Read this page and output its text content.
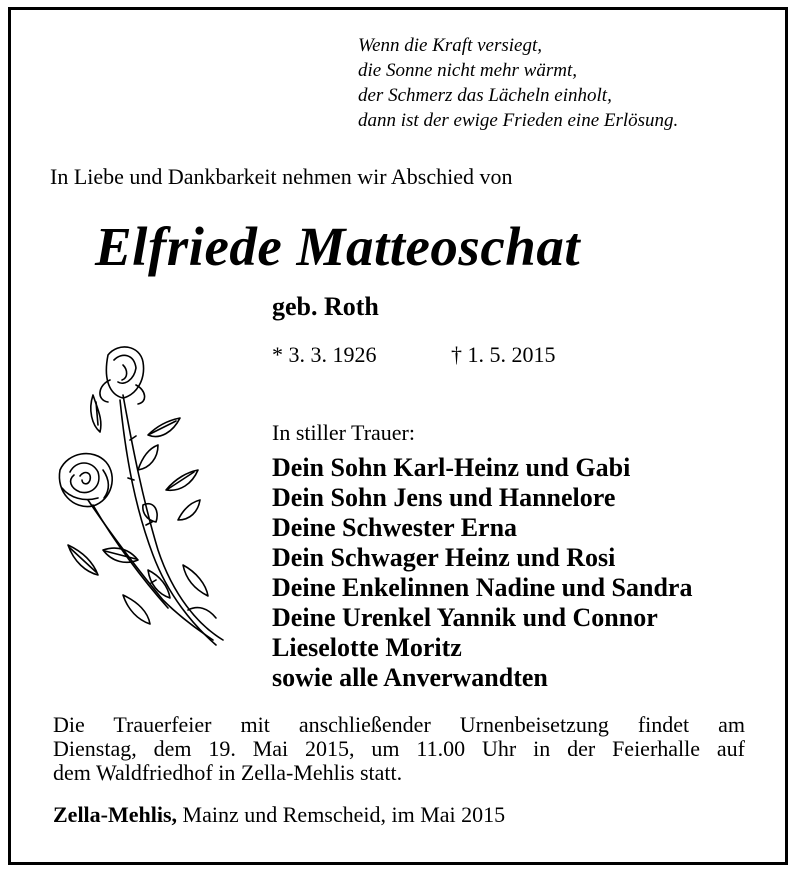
Wenn die Kraft versiegt,
die Sonne nicht mehr wärmt,
der Schmerz das Lächeln einholt,
dann ist der ewige Frieden eine Erlösung.
In Liebe und Dankbarkeit nehmen wir Abschied von
Elfriede Matteoschat
geb. Roth
* 3. 3. 1926	† 1. 5. 2015
In stiller Trauer:
Dein Sohn Karl-Heinz und Gabi
Dein Sohn Jens und Hannelore
Deine Schwester Erna
Dein Schwager Heinz und Rosi
Deine Enkelinnen Nadine und Sandra
Deine Urenkel Yannik und Connor
Lieselotte Moritz
sowie alle Anverwandten
Die Trauerfeier mit anschließender Urnenbeisetzung findet am
Dienstag, dem 19. Mai 2015, um 11.00 Uhr in der Feierhalle auf
dem Waldfriedhof in Zella-Mehlis statt.
Zella-Mehlis, Mainz und Remscheid, im Mai 2015
